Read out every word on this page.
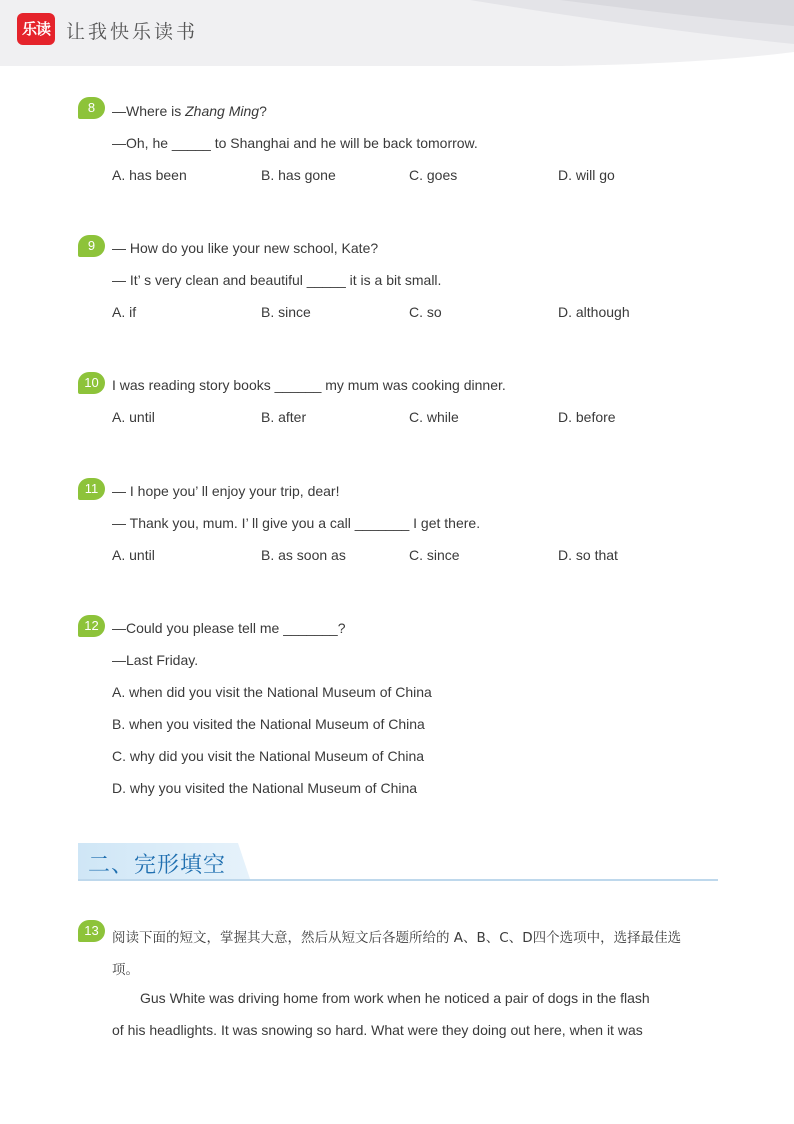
乐读 让我快乐读书
8	—Where is Zhang Ming?
—Oh, he _____ to Shanghai and he will be back tomorrow.
A. has been	B. has gone	C. goes	D. will go
9	— How do you like your new school, Kate?
— It’ s very clean and beautiful _____ it is a bit small.
A. if	B. since	C. so	D. although
10 I was reading story books ______ my mum was cooking dinner.
A. until	B. after	C. while	D. before
11 — I hope you’ ll enjoy your trip, dear!
— Thank you, mum. I’ ll give you a call _______ I get there.
A. until	B. as soon as	C. since	D. so that
12 —Could you please tell me _______?
—Last Friday.
A. when did you visit the National Museum of China
B. when you visited the National Museum of China
C. why did you visit the National Museum of China
D. why you visited the National Museum of China
二、完形填空
13 阅读下面的短文，掌握其大意，然后从短文后各题所给的 A、B、C、D四个选项中，选择最佳选
项。
Gus White was driving home from work when he noticed a pair of dogs in the flash
of his headlights. It was snowing so hard. What were they doing out here, when it was
